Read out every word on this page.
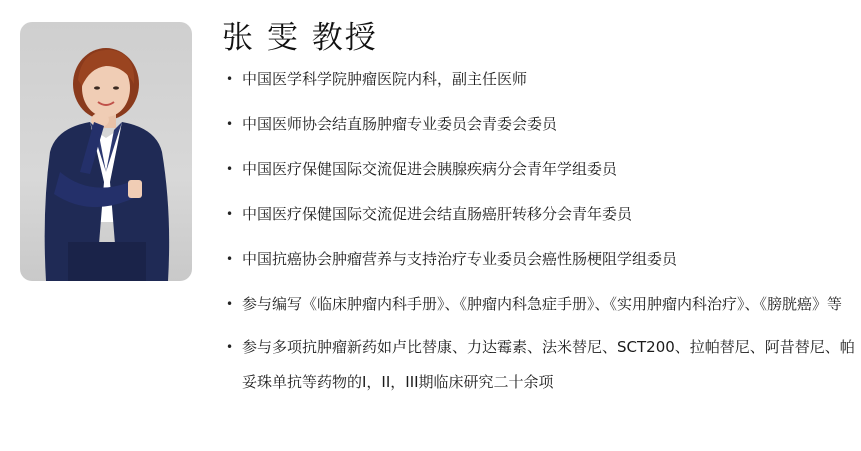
张 雯 教授
• 中国医学科学院肿瘤医院内科，副主任医师
• 中国医师协会结直肠肿瘤专业委员会青委会委员
• 中国医疗保健国际交流促进会胰腺疾病分会青年学组委员
• 中国医疗保健国际交流促进会结直肠癌肝转移分会青年委员
• 中国抗癌协会肿瘤营养与支持治疗专业委员会癌性肠梗阻学组委员
• 参与编写《临床肿瘤内科手册》、《肿瘤内科急症手册》、《实用肿瘤内科治疗》、《膀胱癌》等
• 参与多项抗肿瘤新药如卢比替康、力达霉素、法米替尼、SCT200、拉帕替尼、阿昔替尼、帕妥珠单抗等药物的I，II，III期临床研究二十余项
